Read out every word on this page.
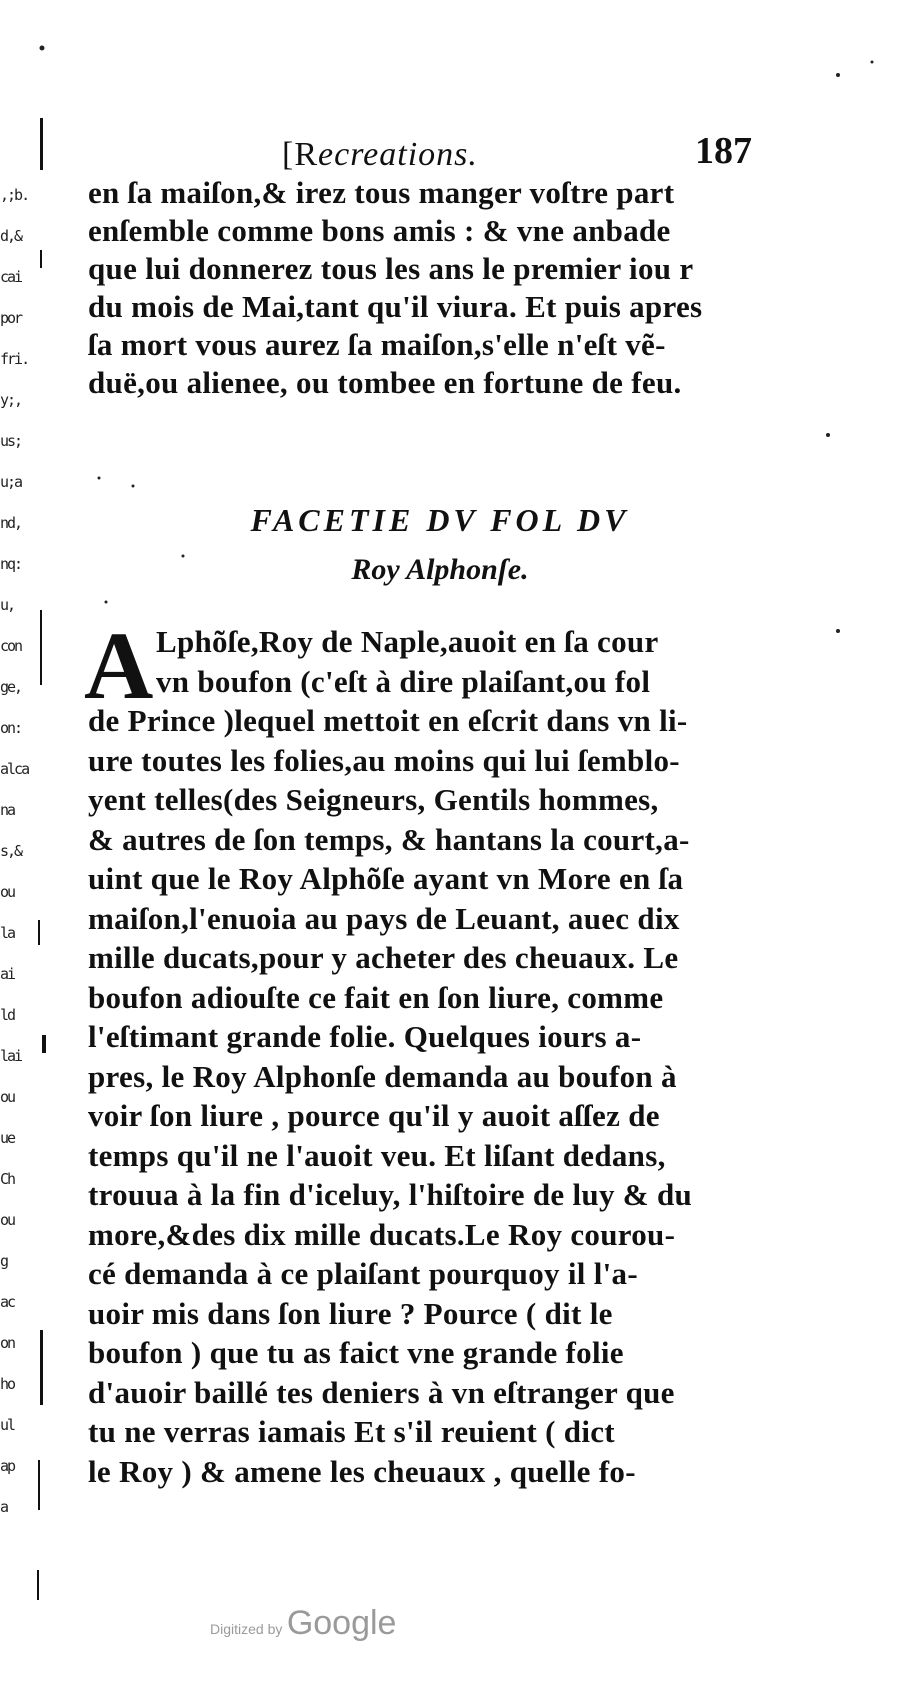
,;b.
d,&
cai
por
fri.
y;,
us;
u;a
nd,
nq:
u,
con
ge,
on:
alca
na
s,&
ou
la
ai
ld
lai
ou
ue
Ch
ou
g
ac
on
ho
ul
ap
a
[Recreations.	187
en ſa maiſon,& irez tous manger voſtre part
enſemble comme bons amis : & vne anbade
que lui donnerez tous les ans le premier iou r
du mois de Mai,tant qu'il viura. Et puis apres
ſa mort vous aurez ſa maiſon,s'elle n'eſt vẽ-
duë,ou alienee, ou tombee en fortune de feu.
FACETIE DV FOL DV
Roy Alphonſe.
A Lphõſe,Roy de Naple,auoit en ſa cour
vn boufon (c'eſt à dire plaiſant,ou fol
de Prince )lequel mettoit en eſcrit dans vn li-
ure toutes les folies,au moins qui lui ſemblo-
yent telles(des Seigneurs, Gentils hommes,
& autres de ſon temps, & hantans la court,a-
uint que le Roy Alphõſe ayant vn More en ſa
maiſon,l'enuoia au pays de Leuant, auec dix
mille ducats,pour y acheter des cheuaux. Le
boufon adiouſte ce fait en ſon liure, comme
l'eſtimant grande folie. Quelques iours a-
pres, le Roy Alphonſe demanda au boufon à
voir ſon liure , pource qu'il y auoit aſſez de
temps qu'il ne l'auoit veu. Et liſant dedans,
trouua à la fin d'iceluy, l'hiſtoire de luy & du
more,&des dix mille ducats.Le Roy courou-
cé demanda à ce plaiſant pourquoy il l'a-
uoir mis dans ſon liure ? Pource ( dit le
boufon ) que tu as faict vne grande folie
d'auoir baillé tes deniers à vn eſtranger que
tu ne verras iamais Et s'il reuient ( dict
le Roy ) & amene les cheuaux , quelle fo-
Digitized by Google
